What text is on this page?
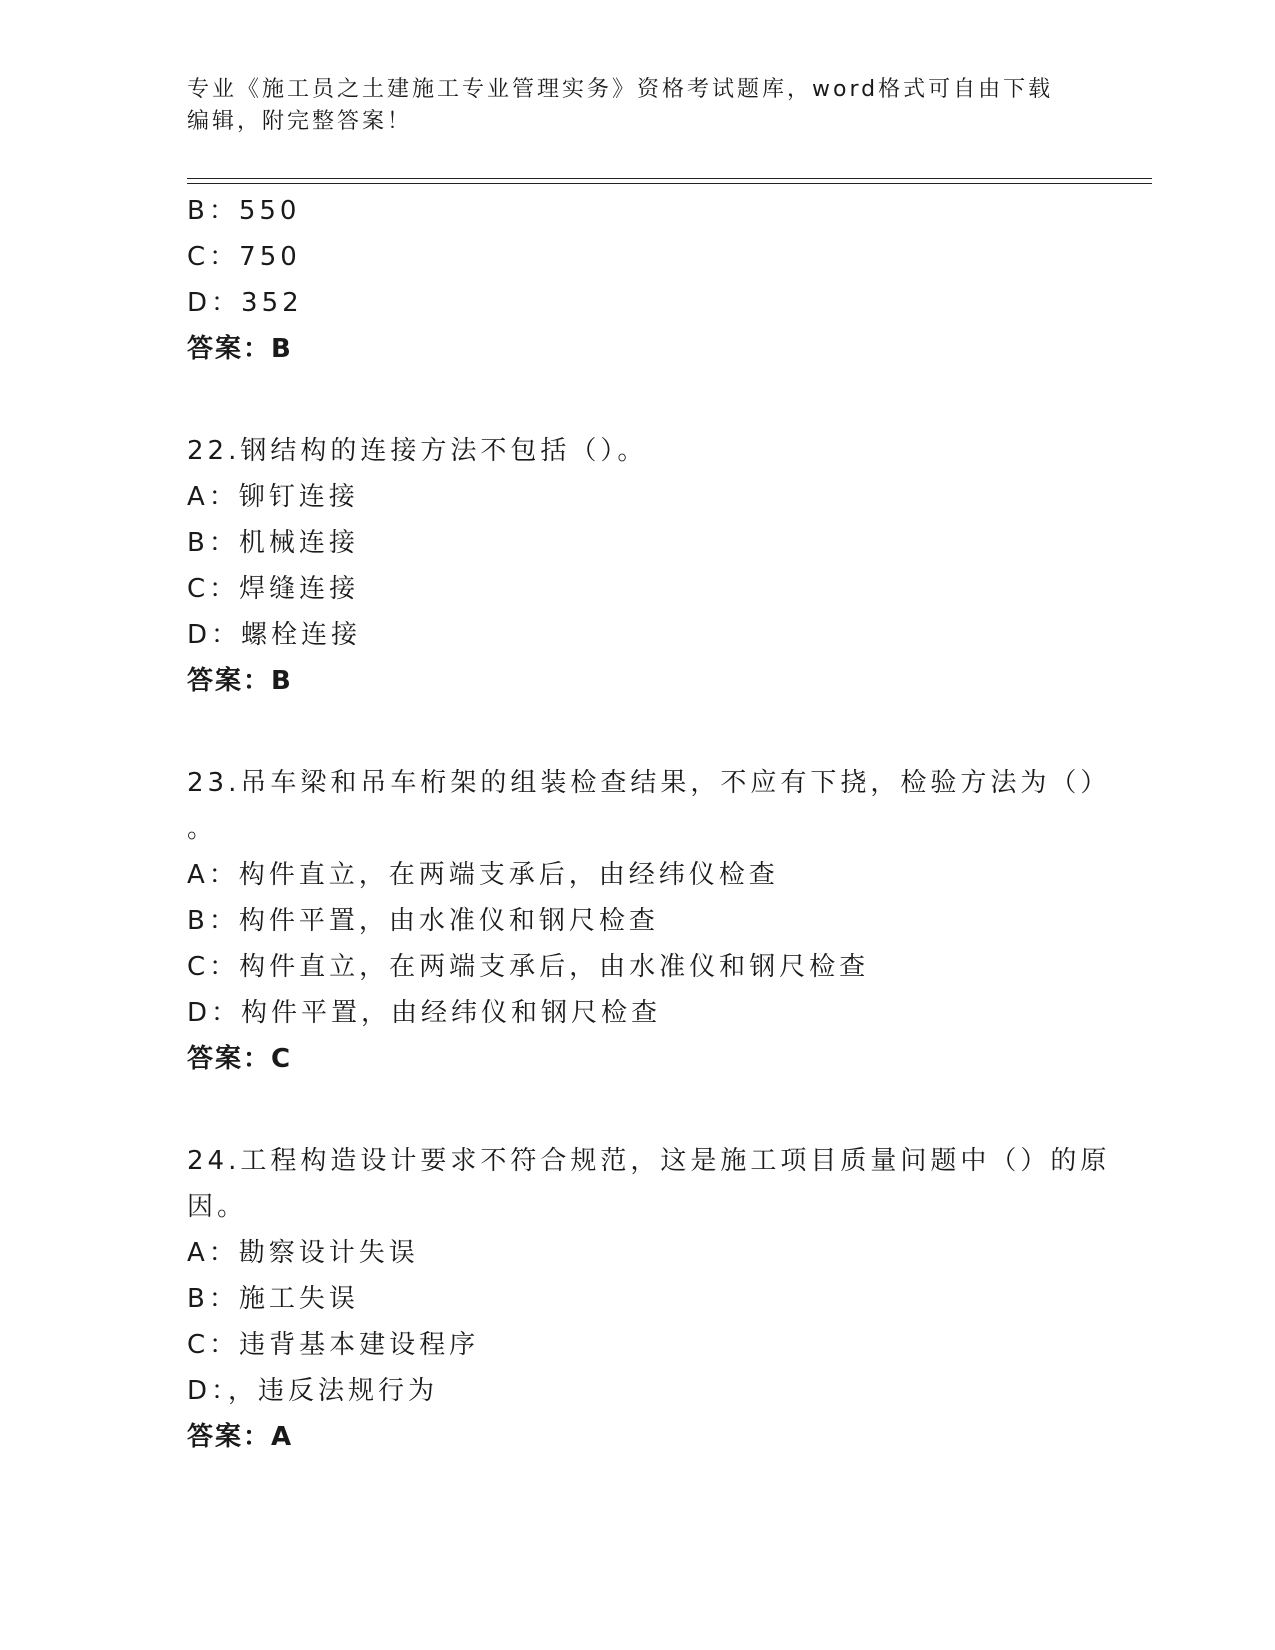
专业《施工员之土建施工专业管理实务》资格考试题库，word格式可自由下载编辑，附完整答案！
B：550
C：750
D：352
答案：B
22.钢结构的连接方法不包括（）。
A：铆钉连接
B：机械连接
C：焊缝连接
D：螺栓连接
答案：B
23.吊车梁和吊车桁架的组装检查结果，不应有下挠，检验方法为（）
。
A：构件直立，在两端支承后，由经纬仪检查
B：构件平置，由水准仪和钢尺检查
C：构件直立，在两端支承后，由水准仪和钢尺检查
D：构件平置，由经纬仪和钢尺检查
答案：C
24.工程构造设计要求不符合规范，这是施工项目质量问题中（）的原
因。
A：勘察设计失误
B：施工失误
C：违背基本建设程序
D：，违反法规行为
答案：A
